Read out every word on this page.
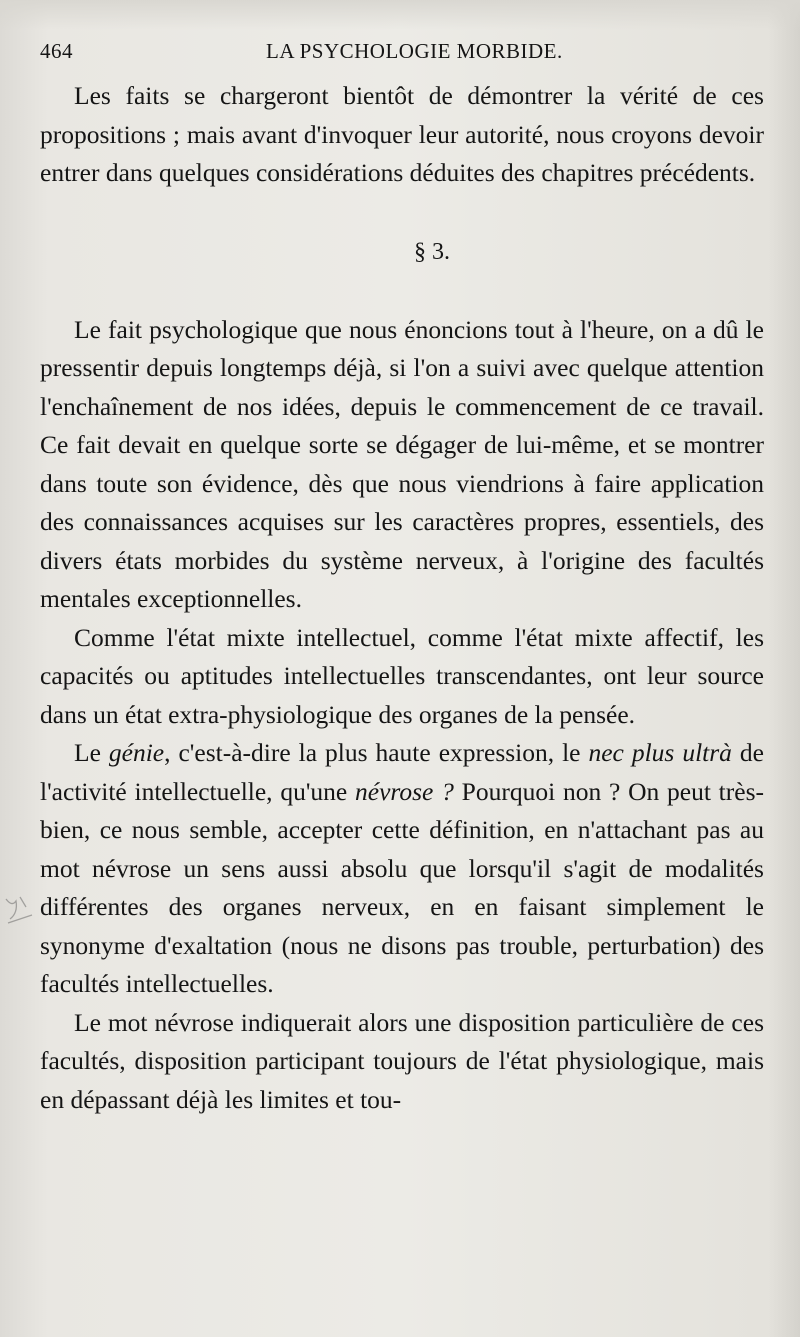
464	LA PSYCHOLOGIE MORBIDE.

Les faits se chargeront bientôt de démontrer la vérité de ces propositions ; mais avant d'invoquer leur autorité, nous croyons devoir entrer dans quelques considérations déduites des chapitres précédents.

§ 3.

Le fait psychologique que nous énoncions tout à l'heure, on a dû le pressentir depuis longtemps déjà, si l'on a suivi avec quelque attention l'enchaînement de nos idées, depuis le commencement de ce travail. Ce fait devait en quelque sorte se dégager de lui-même, et se montrer dans toute son évidence, dès que nous viendrions à faire application des connaissances acquises sur les caractères propres, essentiels, des divers états morbides du système nerveux, à l'origine des facultés mentales exceptionnelles.

Comme l'état mixte intellectuel, comme l'état mixte affectif, les capacités ou aptitudes intellectuelles transcendantes, ont leur source dans un état extra-physiologique des organes de la pensée.

Le génie, c'est-à-dire la plus haute expression, le nec plus ultrà de l'activité intellectuelle, qu'une névrose ? Pourquoi non ? On peut très-bien, ce nous semble, accepter cette définition, en n'attachant pas au mot névrose un sens aussi absolu que lorsqu'il s'agit de modalités différentes des organes nerveux, en en faisant simplement le synonyme d'exaltation (nous ne disons pas trouble, perturbation) des facultés intellectuelles.

Le mot névrose indiquerait alors une disposition particulière de ces facultés, disposition participant toujours de l'état physiologique, mais en dépassant déjà les limites et tou-
